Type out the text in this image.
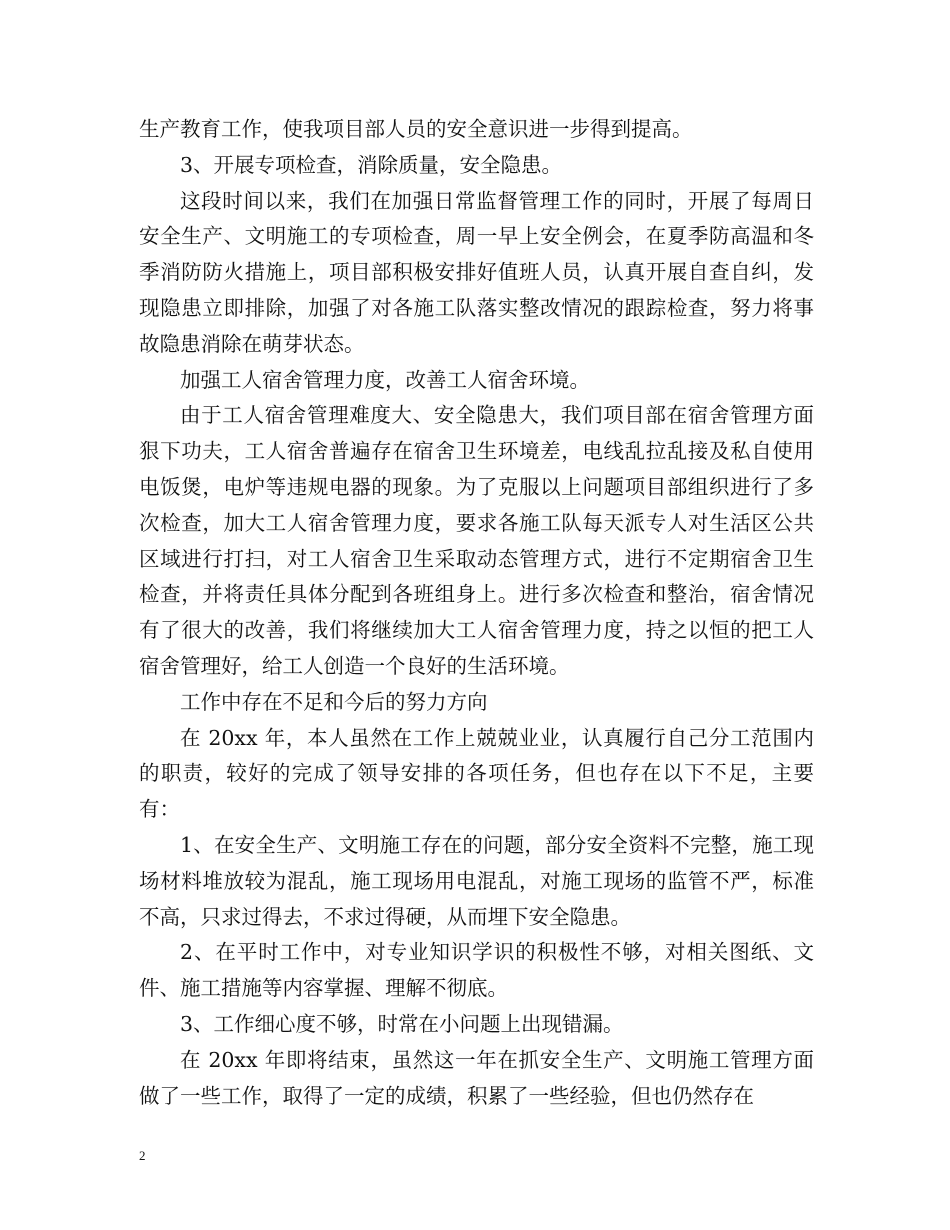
生产教育工作，使我项目部人员的安全意识进一步得到提高。

3、开展专项检查，消除质量，安全隐患。

这段时间以来，我们在加强日常监督管理工作的同时，开展了每周日安全生产、文明施工的专项检查，周一早上安全例会，在夏季防高温和冬季消防防火措施上，项目部积极安排好值班人员，认真开展自查自纠，发现隐患立即排除，加强了对各施工队落实整改情况的跟踪检查，努力将事故隐患消除在萌芽状态。

加强工人宿舍管理力度，改善工人宿舍环境。

由于工人宿舍管理难度大、安全隐患大，我们项目部在宿舍管理方面狠下功夫，工人宿舍普遍存在宿舍卫生环境差，电线乱拉乱接及私自使用电饭煲，电炉等违规电器的现象。为了克服以上问题项目部组织进行了多次检查，加大工人宿舍管理力度，要求各施工队每天派专人对生活区公共区域进行打扫，对工人宿舍卫生采取动态管理方式，进行不定期宿舍卫生检查，并将责任具体分配到各班组身上。进行多次检查和整治，宿舍情况有了很大的改善，我们将继续加大工人宿舍管理力度，持之以恒的把工人宿舍管理好，给工人创造一个良好的生活环境。

工作中存在不足和今后的努力方向

在 20xx 年，本人虽然在工作上兢兢业业，认真履行自己分工范围内的职责，较好的完成了领导安排的各项任务，但也存在以下不足，主要有：

1、在安全生产、文明施工存在的问题，部分安全资料不完整，施工现场材料堆放较为混乱，施工现场用电混乱，对施工现场的监管不严，标准不高，只求过得去，不求过得硬，从而埋下安全隐患。

2、在平时工作中，对专业知识学识的积极性不够，对相关图纸、文件、施工措施等内容掌握、理解不彻底。

3、工作细心度不够，时常在小问题上出现错漏。

在 20xx 年即将结束，虽然这一年在抓安全生产、文明施工管理方面做了一些工作，取得了一定的成绩，积累了一些经验，但也仍然存在

2
